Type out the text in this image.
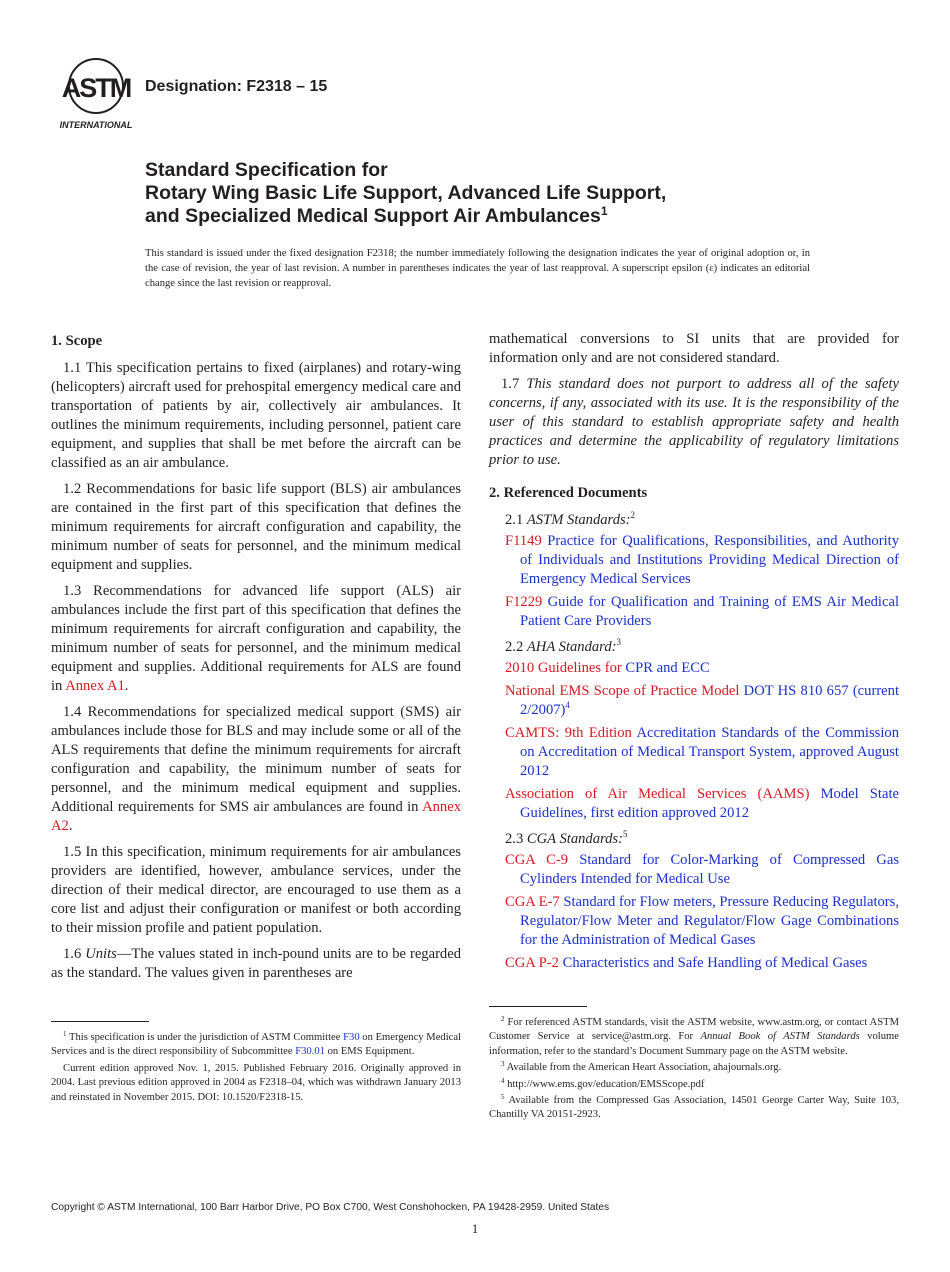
ASTM
INTERNATIONAL
Designation: F2318 – 15
Standard Specification for
Rotary Wing Basic Life Support, Advanced Life Support,
and Specialized Medical Support Air Ambulances$^1$
This standard is issued under the fixed designation F2318; the number immediately following the designation indicates the year of original adoption or, in the case of revision, the year of last revision. A number in parentheses indicates the year of last reapproval. A superscript epsilon (ε) indicates an editorial change since the last revision or reapproval.
1. Scope

1.1 This specification pertains to fixed (airplanes) and rotary-wing (helicopters) aircraft used for prehospital emergency medical care and transportation of patients by air, collectively air ambulances. It outlines the minimum requirements, including personnel, patient care equipment, and supplies that shall be met before the aircraft can be classified as an air ambulance.

1.2 Recommendations for basic life support (BLS) air ambulances are contained in the first part of this specification that defines the minimum requirements for aircraft configuration and capability, the minimum number of seats for personnel, and the minimum medical equipment and supplies.

1.3 Recommendations for advanced life support (ALS) air ambulances include the first part of this specification that defines the minimum requirements for aircraft configuration and capability, the minimum number of seats for personnel, and the minimum medical equipment and supplies. Additional requirements for ALS are found in Annex A1.

1.4 Recommendations for specialized medical support (SMS) air ambulances include those for BLS and may include some or all of the ALS requirements that define the minimum requirements for aircraft configuration and capability, the minimum number of seats for personnel, and the minimum medical equipment and supplies. Additional requirements for SMS air ambulances are found in Annex A2.

1.5 In this specification, minimum requirements for air ambulances providers are identified, however, ambulance services, under the direction of their medical director, are encouraged to use them as a core list and adjust their configuration or manifest or both according to their mission profile and patient population.

1.6 Units—The values stated in inch-pound units are to be regarded as the standard. The values given in parentheses are

mathematical conversions to SI units that are provided for information only and are not considered standard.

1.7 This standard does not purport to address all of the safety concerns, if any, associated with its use. It is the responsibility of the user of this standard to establish appropriate safety and health practices and determine the applicability of regulatory limitations prior to use.

2. Referenced Documents
2.1 ASTM Standards:$^2$
F1149 Practice for Qualifications, Responsibilities, and Authority of Individuals and Institutions Providing Medical Direction of Emergency Medical Services
F1229 Guide for Qualification and Training of EMS Air Medical Patient Care Providers
2.2 AHA Standard:$^3$
2010 Guidelines for CPR and ECC
National EMS Scope of Practice Model DOT HS 810 657 (current 2/2007)$^4$
CAMTS: 9th Edition Accreditation Standards of the Commission on Accreditation of Medical Transport System, approved August 2012
Association of Air Medical Services (AAMS) Model State Guidelines, first edition approved 2012
2.3 CGA Standards:$^5$
CGA C-9 Standard for Color-Marking of Compressed Gas Cylinders Intended for Medical Use
CGA E-7 Standard for Flow meters, Pressure Reducing Regulators, Regulator/Flow Meter and Regulator/Flow Gage Combinations for the Administration of Medical Gases
CGA P-2 Characteristics and Safe Handling of Medical Gases

$^1$ This specification is under the jurisdiction of ASTM Committee F30 on Emergency Medical Services and is the direct responsibility of Subcommittee F30.01 on EMS Equipment.

Current edition approved Nov. 1, 2015. Published February 2016. Originally approved in 2004. Last previous edition approved in 2004 as F2318–04, which was withdrawn January 2013 and reinstated in November 2015. DOI: 10.1520/F2318-15.

$^2$ For referenced ASTM standards, visit the ASTM website, www.astm.org, or contact ASTM Customer Service at service@astm.org. For Annual Book of ASTM Standards volume information, refer to the standard’s Document Summary page on the ASTM website.

$^3$ Available from the American Heart Association, ahajournals.org.

$^4$ http://www.ems.gov/education/EMSScope.pdf

$^5$ Available from the Compressed Gas Association, 14501 George Carter Way, Suite 103, Chantilly VA 20151-2923.

Copyright © ASTM International, 100 Barr Harbor Drive, PO Box C700, West Conshohocken, PA 19428-2959. United States
1
